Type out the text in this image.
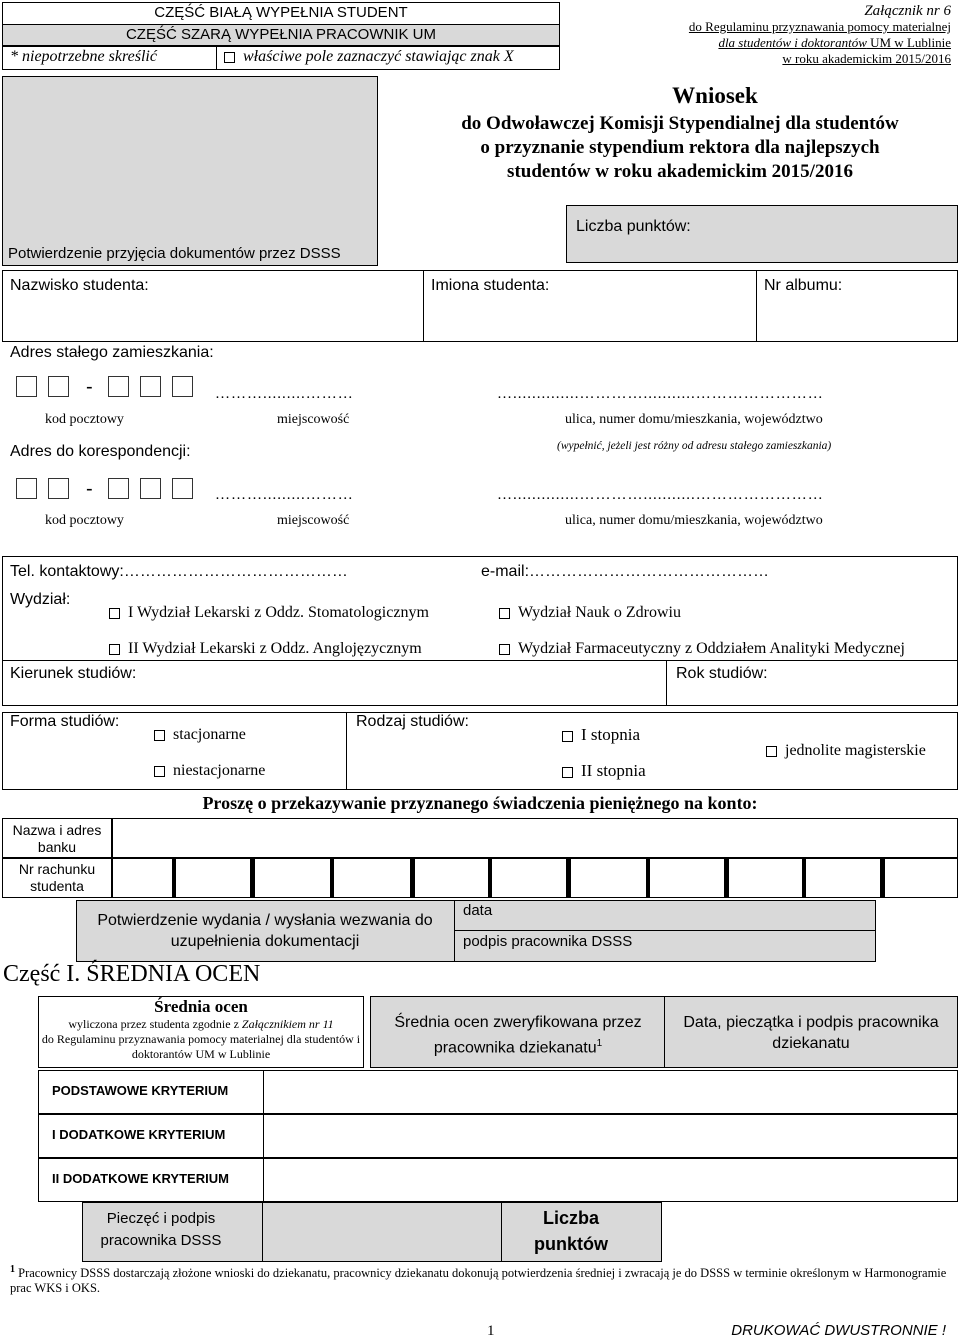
CZĘŚĆ BIAŁĄ WYPEŁNIA STUDENT
CZĘŚĆ SZARĄ WYPEŁNIA PRACOWNIK UM
* niepotrzebne skreślić	właściwe pole zaznaczyć stawiając znak X
Załącznik nr 6
do Regulaminu przyznawania pomocy materialnej
dla studentów i doktorantów UM w Lublinie
w roku akademickim 2015/2016
Potwierdzenie przyjęcia dokumentów przez DSSS
Wniosek
do Odwoławczej Komisji Stypendialnej dla studentów
o przyznanie stypendium rektora dla najlepszych
studentów w roku akademickim 2015/2016
Liczba punktów:
Nazwisko studenta:	Imiona studenta:	Nr albumu:
Adres stałego zamieszkania:
-	……….........………	…..............…………...........……………………
kod pocztowy	miejscowość	ulica, numer domu/mieszkania, województwo
Adres do korespondencji:	(wypełnić, jeżeli jest różny od adresu stałego zamieszkania)
-	……….........………	…..............…………...........……………………
kod pocztowy	miejscowość	ulica, numer domu/mieszkania, województwo
Tel. kontaktowy:……………………………………	e-mail:………………………………………
Wydział:
I Wydział Lekarski z Oddz. Stomatologicznym	Wydział Nauk o Zdrowiu
II Wydział Lekarski z Oddz. Anglojęzycznym	Wydział Farmaceutyczny z Oddziałem Analityki Medycznej
Kierunek studiów:	Rok studiów:
Forma studiów:
stacjonarne
niestacjonarne
Rodzaj studiów:
I stopnia
II stopnia
jednolite magisterskie
Proszę o przekazywanie przyznanego świadczenia pieniężnego na konto:
Nazwa i adres banku
Nr rachunku studenta
Potwierdzenie wydania / wysłania wezwania do uzupełnienia dokumentacji
data
podpis pracownika DSSS
Część I. ŚREDNIA OCEN
Średnia ocen
wyliczona przez studenta zgodnie z Załącznikiem nr 11
do Regulaminu przyznawania pomocy materialnej dla studentów i doktorantów UM w Lublinie
Średnia ocen zweryfikowana przez pracownika dziekanatu$^1$
Data, pieczątka i podpis pracownika dziekanatu
PODSTAWOWE KRYTERIUM
I DODATKOWE KRYTERIUM
II DODATKOWE KRYTERIUM
Pieczęć i podpis pracownika DSSS
Liczba punktów
$^1$ Pracownicy DSSS dostarczają złożone wnioski do dziekanatu, pracownicy dziekanatu dokonują potwierdzenia średniej i zwracają je do DSSS w terminie określonym w Harmonogramie prac WKS i OKS.
1	DRUKOWAĆ DWUSTRONNIE !
